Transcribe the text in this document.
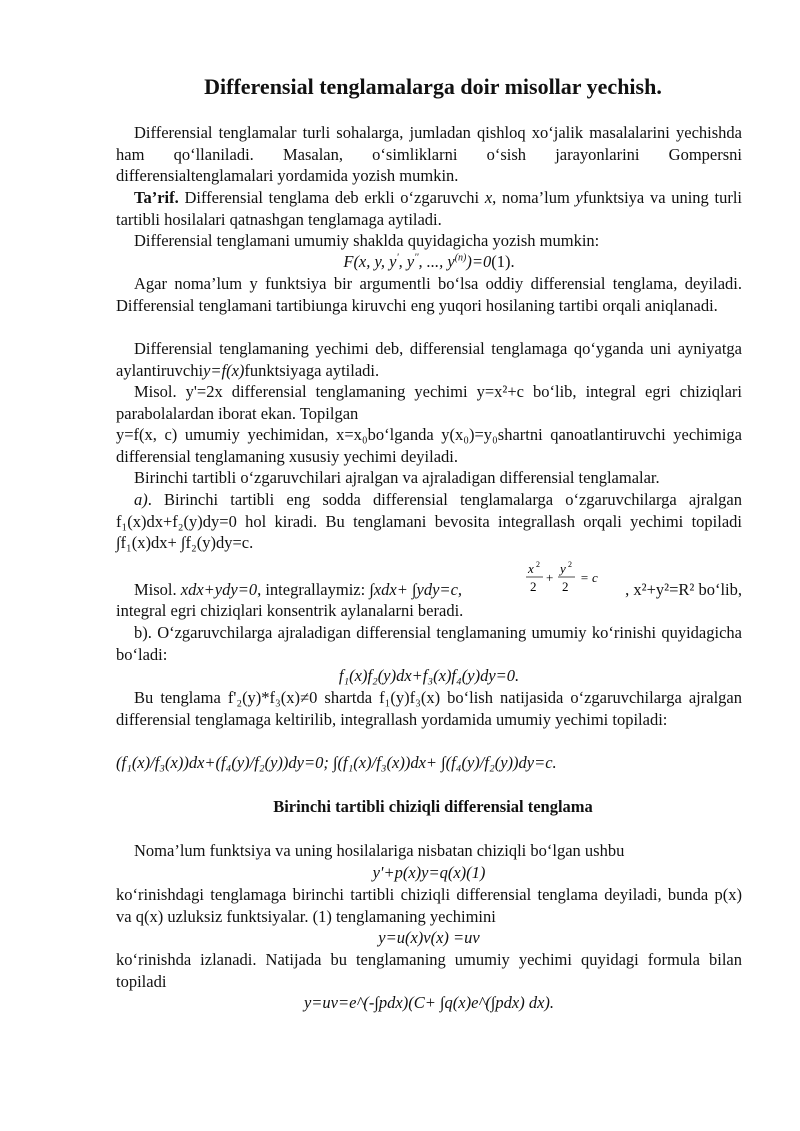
Differensial tenglamalarga doir misollar yechish.
Differensial tenglamalar turli sohalarga, jumladan qishloq xo‘jalik masalalarini yechishda ham qo‘llaniladi. Masalan, o‘simliklarni o‘sish jarayonlarini Gompersni differensialtenglamalari yordamida yozish mumkin.
Ta’rif. Differensial tenglama deb erkli o‘zgaruvchi x, noma’lum yfunktsiya va uning turli tartibli hosilalari qatnashgan tenglamaga aytiladi.
Differensial tenglamani umumiy shaklda quyidagicha yozish mumkin:
F(x, y, y', y'', ..., $y^{(n)})=0(1)$.
Agar noma’lum y funktsiya bir argumentli bo‘lsa oddiy differensial tenglama, deyiladi. Differensial tenglamani tartibiunga kiruvchi eng yuqori hosilaning tartibi orqali aniqlanadi.
Differensial tenglamaning yechimi deb, differensial tenglamaga qo‘yganda uni ayniyatga aylantiruvchiy=f(x)funktsiyaga aytiladi.
Misol. y'=2x differensial tenglamaning yechimi y=x²+c bo‘lib, integral egri chiziqlari parabolalardan iborat ekan. Topilgan
y=f(x, c) umumiy yechimidan, x=x₀bo‘lganda y(x₀)=y₀shartni qanoatlantiruvchi yechimiga differensial tenglamaning xususiy yechimi deyiladi.
Birinchi tartibli o‘zgaruvchilari ajralgan va ajraladigan differensial tenglamalar.
a). Birinchi tartibli eng sodda differensial tenglamalarga o‘zgaruvchilarga ajralgan f₁(x)dx+f₂(y)dy=0 hol kiradi. Bu tenglamani bevosita integrallash orqali yechimi topiladi ∫f₁(x)dx+ ∫f₂(y)dy=c.
x 2
2
+
y 2
2
= c
Misol. xdx+ydy=0, integrallaymiz: ∫xdx+ ∫ydy=c,	, x²+y²=R² bo‘lib,
integral egri chiziqlari konsentrik aylanalarni beradi.
b). O‘zgaruvchilarga ajraladigan differensial tenglamaning umumiy ko‘rinishi quyidagicha bo‘ladi:
f₁(x)f₂(y)dx+f₃(x)f₄(y)dy=0.
Bu tenglama f'₂(y)*f₃(x)≠0 shartda f₁(y)f₃(x) bo‘lish natijasida o‘zgaruvchilarga ajralgan differensial tenglamaga keltirilib, integrallash yordamida umumiy yechimi topiladi:
(f₁(x)/f₃(x))dx+(f₄(y)/f₂(y))dy=0; ∫(f₁(x)/f₃(x))dx+ ∫(f₄(y)/f₂(y))dy=c.
Birinchi tartibli chiziqli differensial tenglama
Noma’lum funktsiya va uning hosilalariga nisbatan chiziqli bo‘lgan ushbu
y'+p(x)y=q(x)(1)
ko‘rinishdagi tenglamaga birinchi tartibli chiziqli differensial tenglama deyiladi, bunda p(x) va q(x) uzluksiz funktsiyalar. (1) tenglamaning yechimini
y=u(x)v(x) =uv
ko‘rinishda izlanadi. Natijada bu tenglamaning umumiy yechimi quyidagi formula bilan topiladi
y=uv=e^(-∫pdx)(C+ ∫q(x)e^(∫pdx) dx).
